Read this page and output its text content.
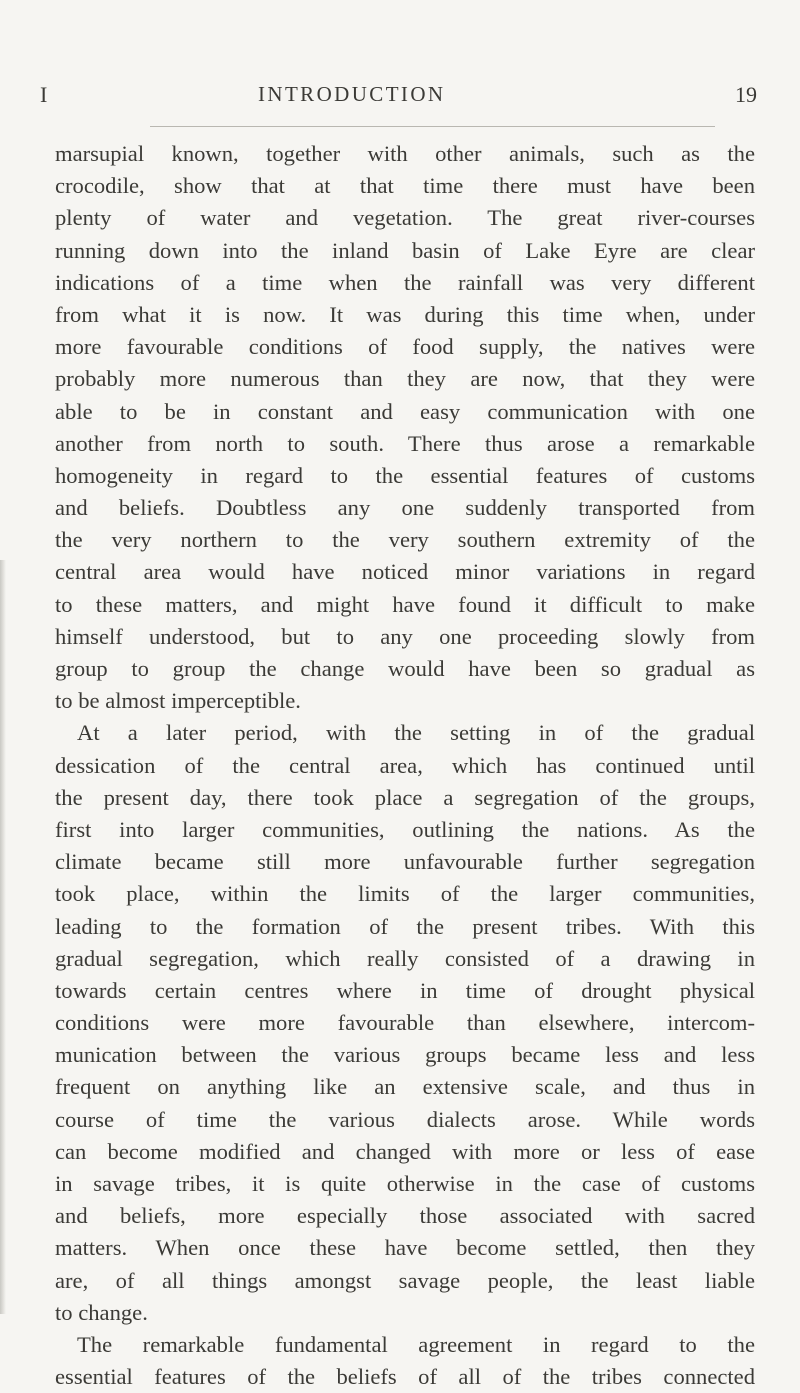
I	INTRODUCTION	19
marsupial known, together with other animals, such as the
crocodile, show that at that time there must have been
plenty of water and vegetation. The great river-courses
running down into the inland basin of Lake Eyre are clear
indications of a time when the rainfall was very different
from what it is now. It was during this time when, under
more favourable conditions of food supply, the natives were
probably more numerous than they are now, that they were
able to be in constant and easy communication with one
another from north to south. There thus arose a remarkable
homogeneity in regard to the essential features of customs
and beliefs. Doubtless any one suddenly transported from
the very northern to the very southern extremity of the
central area would have noticed minor variations in regard
to these matters, and might have found it difficult to make
himself understood, but to any one proceeding slowly from
group to group the change would have been so gradual as
to be almost imperceptible.
At a later period, with the setting in of the gradual
dessication of the central area, which has continued until
the present day, there took place a segregation of the groups,
first into larger communities, outlining the nations. As the
climate became still more unfavourable further segregation
took place, within the limits of the larger communities,
leading to the formation of the present tribes. With this
gradual segregation, which really consisted of a drawing in
towards certain centres where in time of drought physical
conditions were more favourable than elsewhere, intercom-
munication between the various groups became less and less
frequent on anything like an extensive scale, and thus in
course of time the various dialects arose. While words
can become modified and changed with more or less of ease
in savage tribes, it is quite otherwise in the case of customs
and beliefs, more especially those associated with sacred
matters. When once these have become settled, then they
are, of all things amongst savage people, the least liable
to change.
The remarkable fundamental agreement in regard to the
essential features of the beliefs of all of the tribes connected
